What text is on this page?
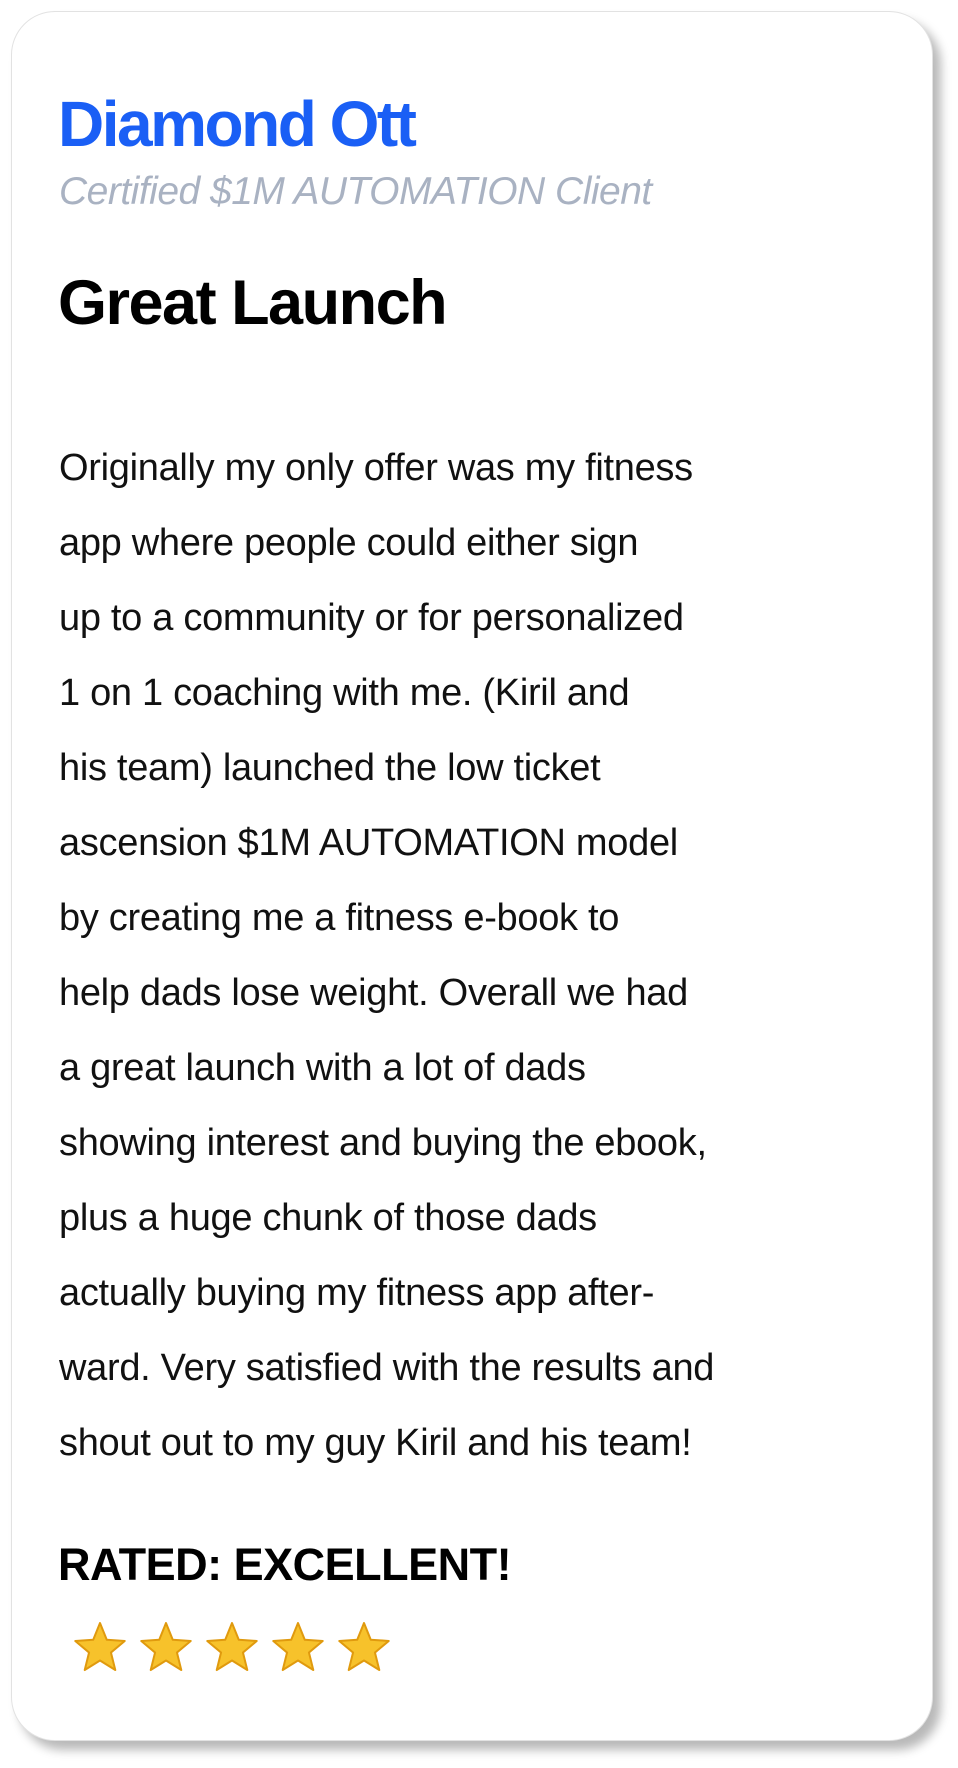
Diamond Ott
Certified $1M AUTOMATION Client
Great Launch
Originally my only offer was my fitness
app where people could either sign
up to a community or for personalized
1 on 1 coaching with me. (Kiril and
his team) launched the low ticket
ascension $1M AUTOMATION model
by creating me a fitness e-book to
help dads lose weight. Overall we had
a great launch with a lot of dads
showing interest and buying the ebook,
plus a huge chunk of those dads
actually buying my fitness app after-
ward. Very satisfied with the results and
shout out to my guy Kiril and his team!
RATED: EXCELLENT!
